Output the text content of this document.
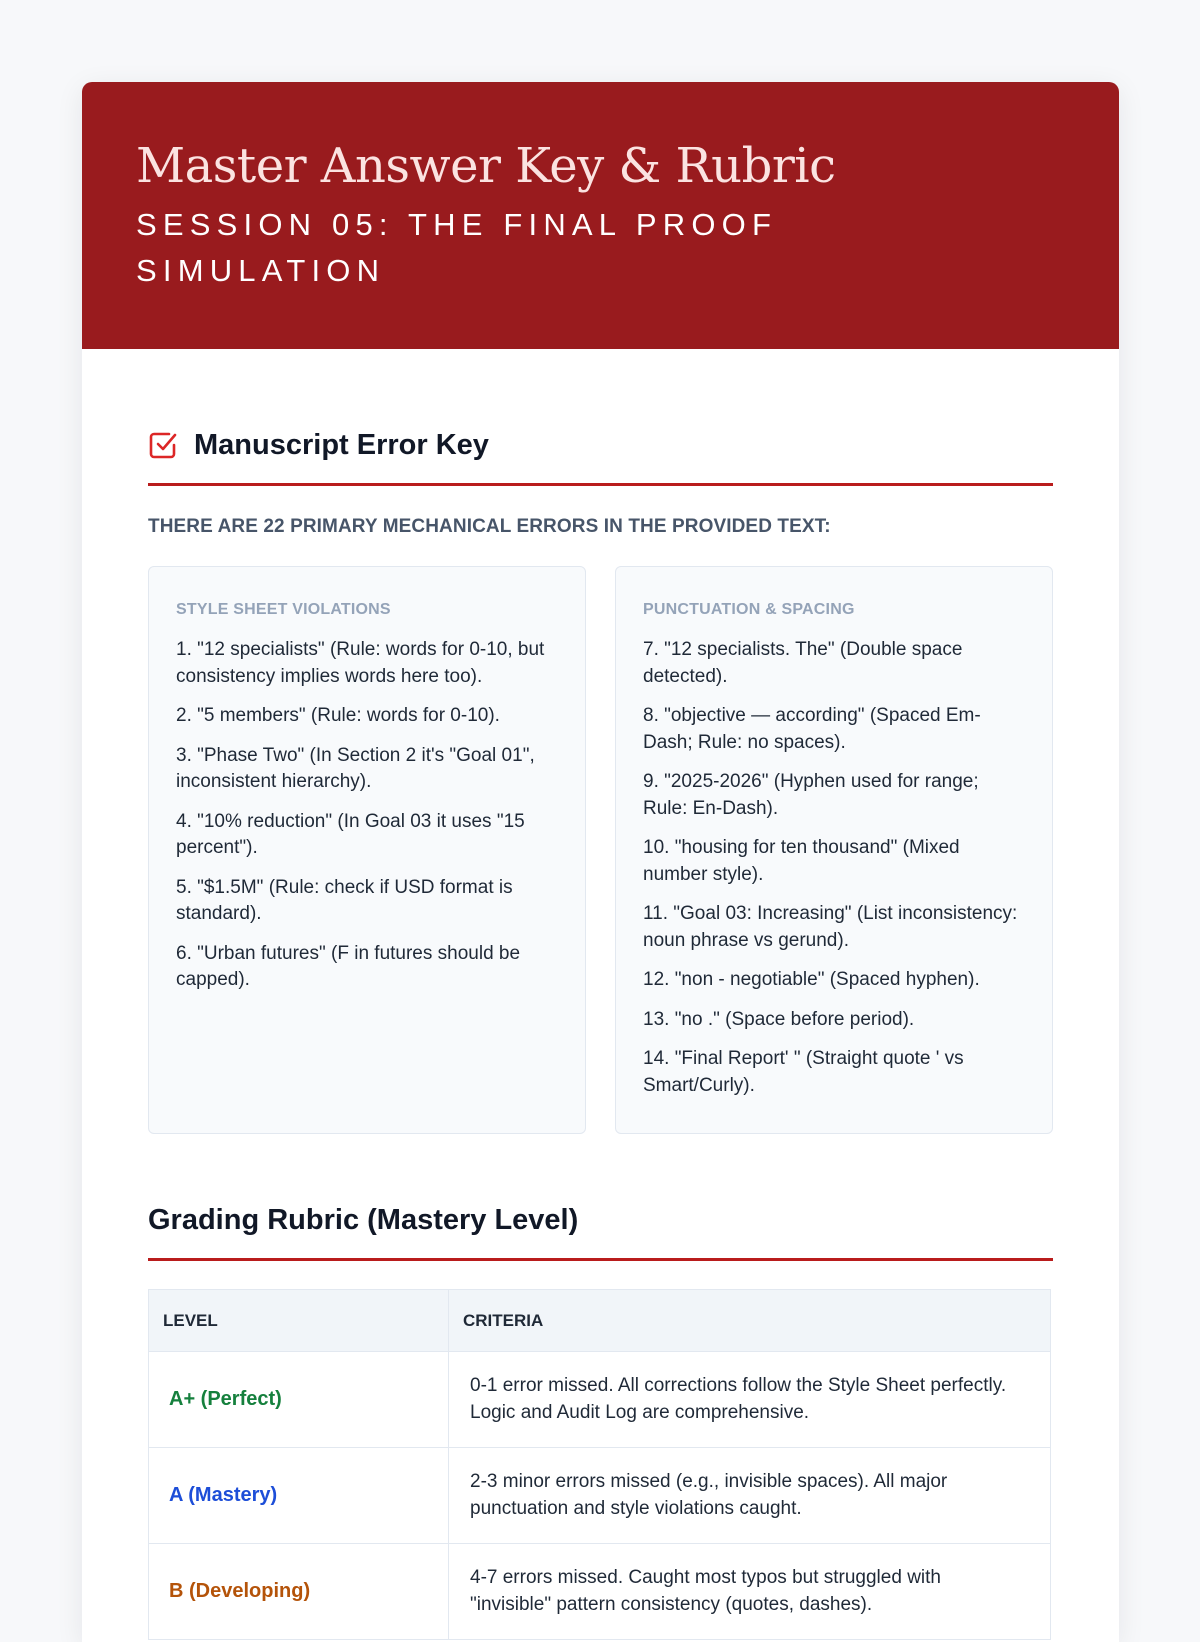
Master Answer Key & Rubric
SESSION 05: THE FINAL PROOF SIMULATION
Manuscript Error Key
THERE ARE 22 PRIMARY MECHANICAL ERRORS IN THE PROVIDED TEXT:
STYLE SHEET VIOLATIONS
1. "12 specialists" (Rule: words for 0-10, but consistency implies words here too).
2. "5 members" (Rule: words for 0-10).
3. "Phase Two" (In Section 2 it's "Goal 01", inconsistent hierarchy).
4. "10% reduction" (In Goal 03 it uses "15 percent").
5. "$1.5M" (Rule: check if USD format is standard).
6. "Urban futures" (F in futures should be capped).
PUNCTUATION & SPACING
7. "12 specialists. The" (Double space detected).
8. "objective — according" (Spaced Em-Dash; Rule: no spaces).
9. "2025-2026" (Hyphen used for range; Rule: En-Dash).
10. "housing for ten thousand" (Mixed number style).
11. "Goal 03: Increasing" (List inconsistency: noun phrase vs gerund).
12. "non - negotiable" (Spaced hyphen).
13. "no ." (Space before period).
14. "Final Report' " (Straight quote ' vs Smart/Curly).
Grading Rubric (Mastery Level)
LEVEL	CRITERIA
A+ (Perfect)
0-1 error missed. All corrections follow the Style Sheet perfectly. Logic and Audit Log are comprehensive.
A (Mastery)
2-3 minor errors missed (e.g., invisible spaces). All major punctuation and style violations caught.
B (Developing)
4-7 errors missed. Caught most typos but struggled with "invisible" pattern consistency (quotes, dashes).
